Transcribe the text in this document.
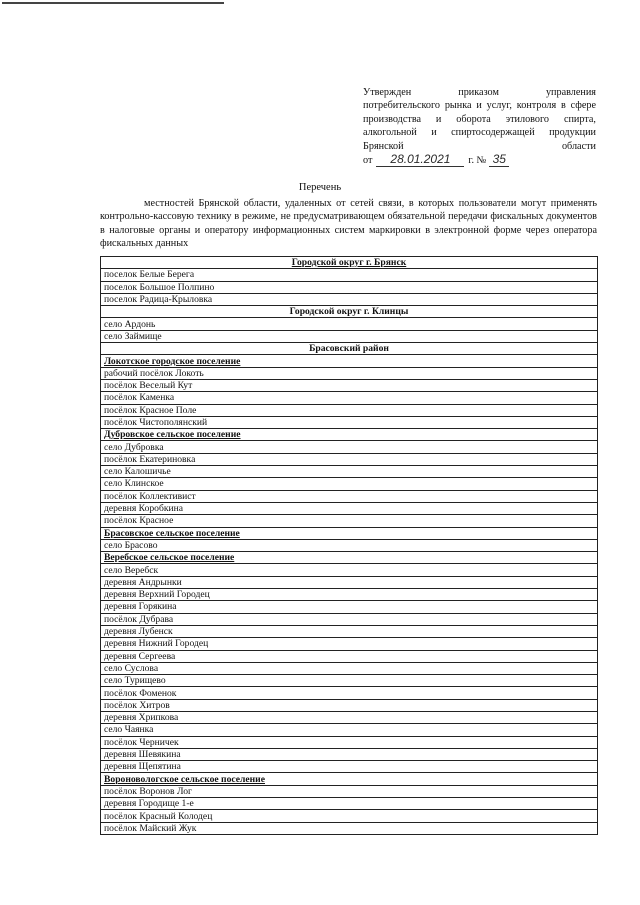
Утвержден	приказом	управления
потребительского рынка и услуг, контроля в сфере
производства и оборота этилового спирта,
алкогольной и спиртосодержащей продукции
Брянской	области
от	28.01.2021	г. № 35
Перечень
местностей Брянской области, удаленных от сетей связи, в которых пользователи могут применять контрольно-кассовую технику в режиме, не предусматривающем обязательной передачи фискальных документов в налоговые органы и оператору информационных систем маркировки в электронной форме через оператора фискальных данных
Городской округ г. Брянск
поселок Белые Берега
поселок Большое Полпино
поселок Радица-Крыловка
Городской округ г. Клинцы
село Ардонь
село Займище
Брасовский район
Локотское городское поселение
рабочий посёлок Локоть
посёлок Веселый Кут
посёлок Каменка
посёлок Красное Поле
посёлок Чистополянский
Дубровское сельское поселение
село Дубровка
посёлок Екатериновка
село Калошичье
село Клинское
посёлок Коллективист
деревня Коробкина
посёлок Красное
Брасовское сельское поселение
село Брасово
Веребское сельское поселение
село Веребск
деревня Андрынки
деревня Верхний Городец
деревня Горякина
посёлок Дубрава
деревня Лубенск
деревня Нижний Городец
деревня Сергеева
село Суслова
село Турищево
посёлок Фоменок
посёлок Хитров
деревня Хрипкова
село Чаянка
посёлок Черничек
деревня Шевякина
деревня Щепятина
Вороновологское сельское поселение
посёлок Воронов Лог
деревня Городище 1-е
посёлок Красный Колодец
посёлок Майский Жук
